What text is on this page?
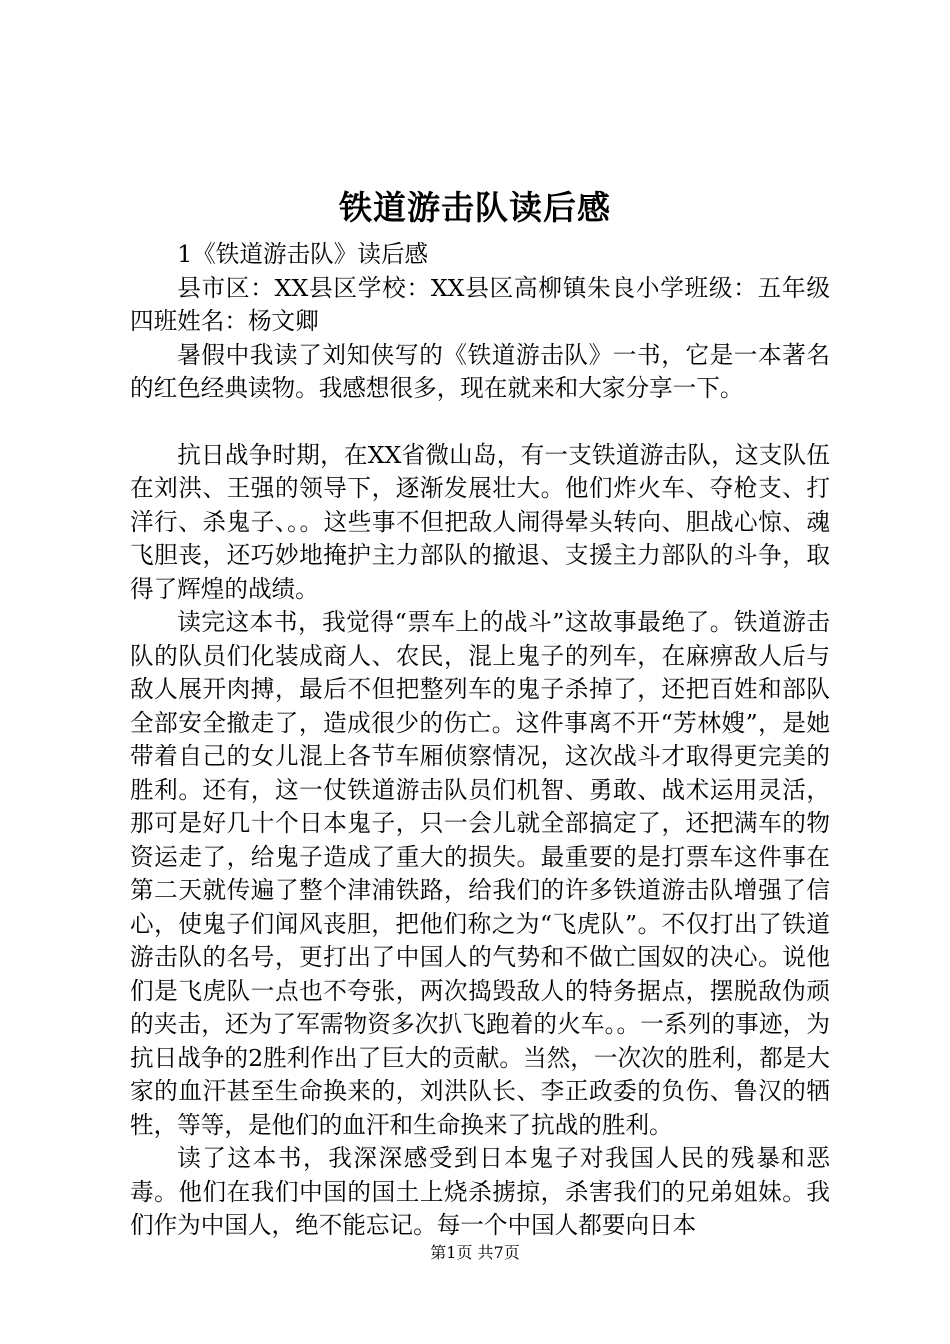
铁道游击队读后感

1《铁道游击队》读后感

县市区：XX县区学校：XX县区高柳镇朱良小学班级：五年级四班姓名：杨文卿

暑假中我读了刘知侠写的《铁道游击队》一书，它是一本著名的红色经典读物。我感想很多，现在就来和大家分享一下。

抗日战争时期，在XX省微山岛，有一支铁道游击队，这支队伍在刘洪、王强的领导下，逐渐发展壮大。他们炸火车、夺枪支、打洋行、杀鬼子、。。这些事不但把敌人闹得晕头转向、胆战心惊、魂飞胆丧，还巧妙地掩护主力部队的撤退、支援主力部队的斗争，取得了辉煌的战绩。

读完这本书，我觉得“票车上的战斗”这故事最绝了。铁道游击队的队员们化装成商人、农民，混上鬼子的列车，在麻痹敌人后与敌人展开肉搏，最后不但把整列车的鬼子杀掉了，还把百姓和部队全部安全撤走了，造成很少的伤亡。这件事离不开“芳林嫂”，是她带着自己的女儿混上各节车厢侦察情况，这次战斗才取得更完美的胜利。还有，这一仗铁道游击队员们机智、勇敢、战术运用灵活，那可是好几十个日本鬼子，只一会儿就全部搞定了，还把满车的物资运走了，给鬼子造成了重大的损失。最重要的是打票车这件事在第二天就传遍了整个津浦铁路，给我们的许多铁道游击队增强了信心，使鬼子们闻风丧胆，把他们称之为“飞虎队”。不仅打出了铁道游击队的名号，更打出了中国人的气势和不做亡国奴的决心。说他们是飞虎队一点也不夸张，两次捣毁敌人的特务据点，摆脱敌伪顽的夹击，还为了军需物资多次扒飞跑着的火车。。一系列的事迹，为抗日战争的2胜利作出了巨大的贡献。当然，一次次的胜利，都是大家的血汗甚至生命换来的，刘洪队长、李正政委的负伤、鲁汉的牺牲，等等，是他们的血汗和生命换来了抗战的胜利。

读了这本书，我深深感受到日本鬼子对我国人民的残暴和恶毒。他们在我们中国的国土上烧杀掳掠，杀害我们的兄弟姐妹。我们作为中国人，绝不能忘记。每一个中国人都要向日本

第1页 共7页
